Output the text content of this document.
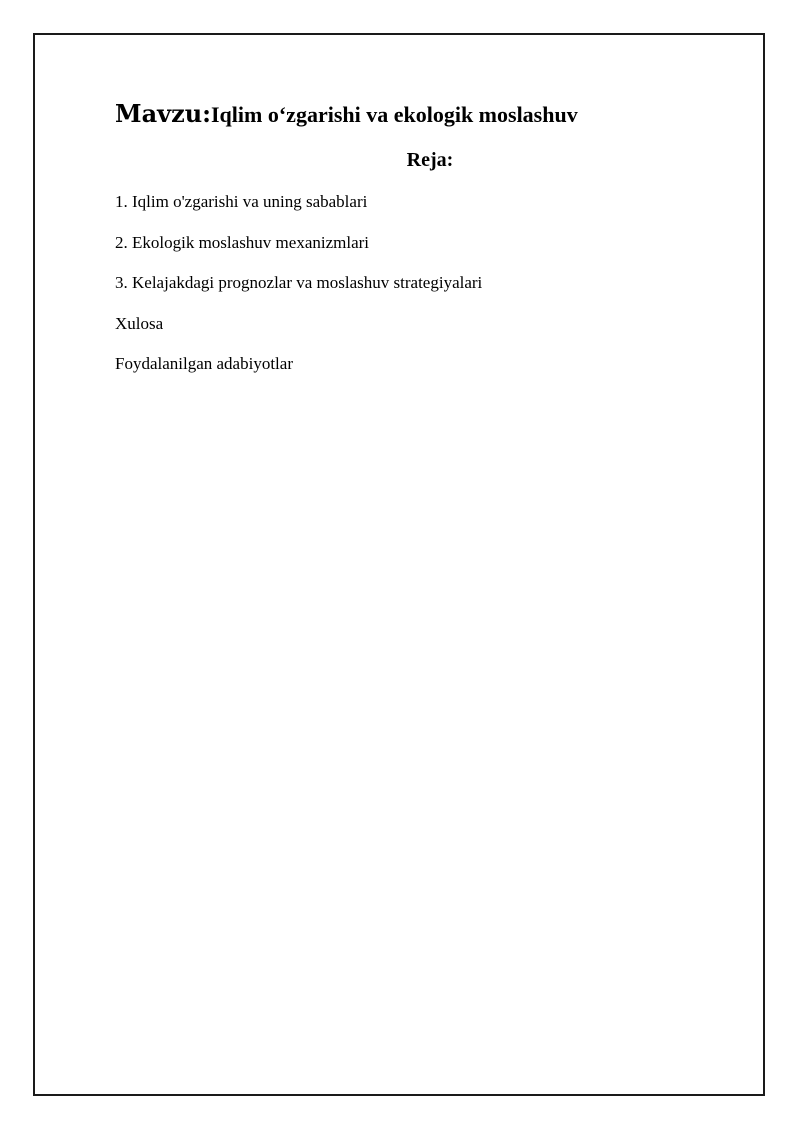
Mavzu:Iqlim o‘zgarishi va ekologik moslashuv
Reja:
1. Iqlim o'zgarishi va uning sabablari
2. Ekologik moslashuv mexanizmlari
3. Kelajakdagi prognozlar va moslashuv strategiyalari
Xulosa
Foydalanilgan adabiyotlar
